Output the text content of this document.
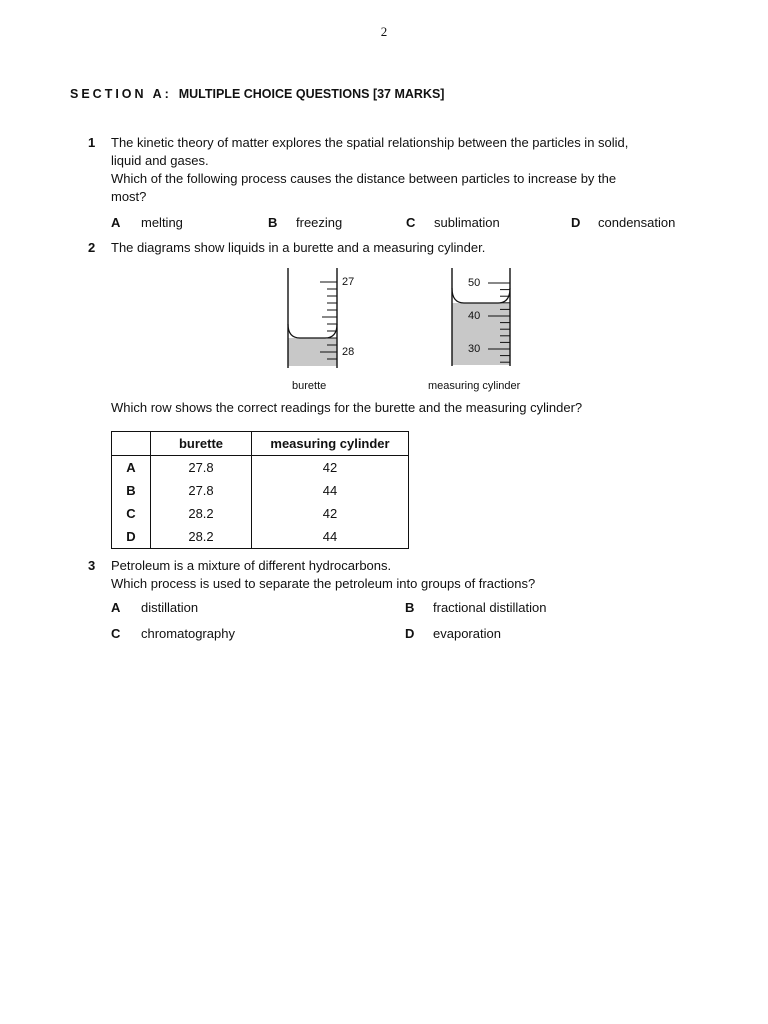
2
SECTION A: MULTIPLE CHOICE QUESTIONS [37 MARKS]
1 The kinetic theory of matter explores the spatial relationship between the particles in solid,
liquid and gases.
Which of the following process causes the distance between particles to increase by the
most?
A melting	B freezing	C sublimation	D condensation
2 The diagrams show liquids in a burette and a measuring cylinder.
27
28
burette
50
40
30
measuring cylinder
Which row shows the correct readings for the burette and the measuring cylinder?
	burette	measuring cylinder
A	27.8	42
B	27.8	44
C	28.2	42
D	28.2	44
3 Petroleum is a mixture of different hydrocarbons.
Which process is used to separate the petroleum into groups of fractions?
A distillation	B fractional distillation
C chromatography	D evaporation
